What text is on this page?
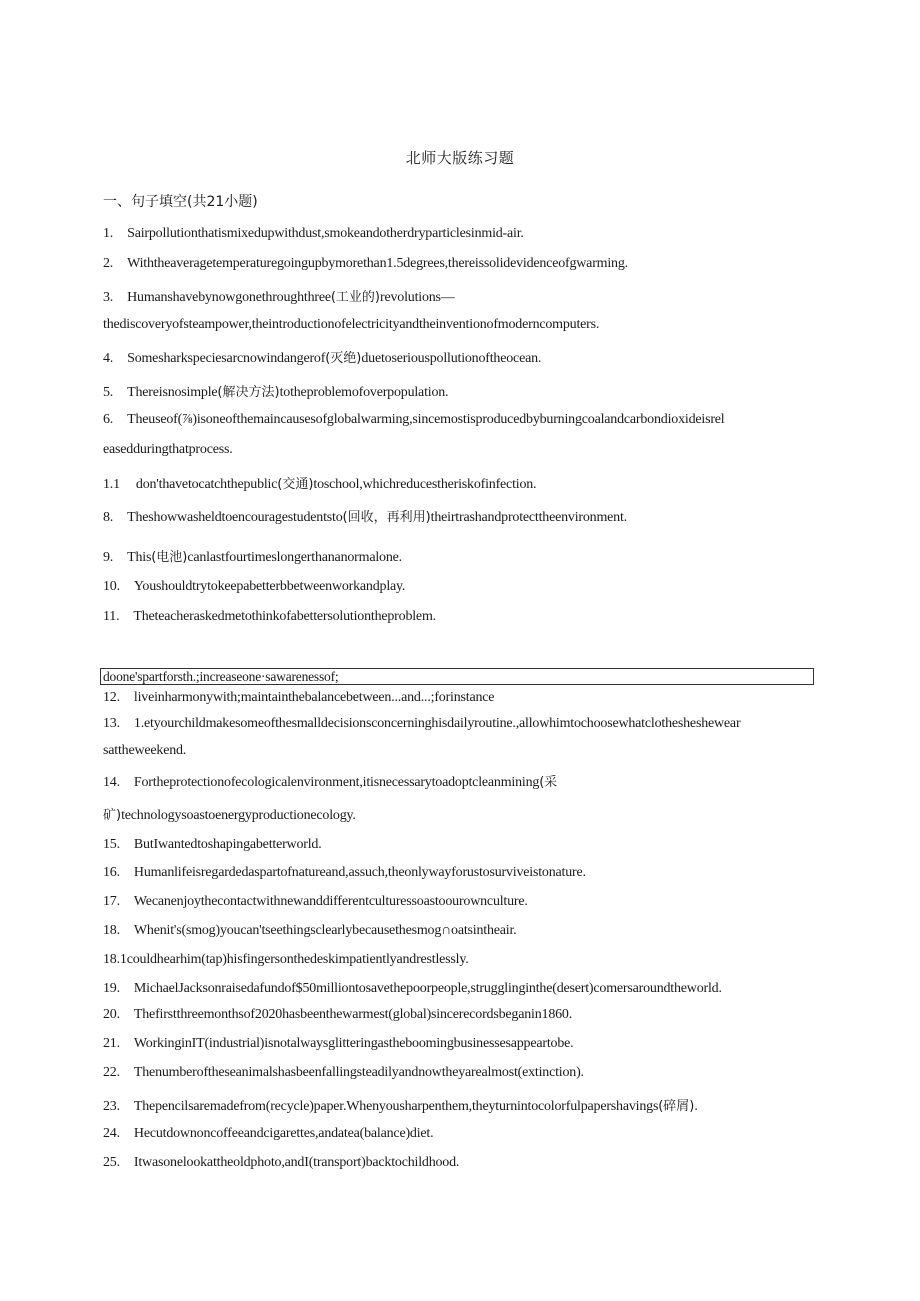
北师大版练习题
一、句子填空(共21小题)
1. Sairpollutionthatismixedupwithdust,smokeandotherdryparticlesinmid-air.
2. Withtheaveragetemperaturegoingupbymorethan1.5degrees,thereissolidevidenceofgwarming.
3. Humanshavebynowgonethroughthree(工业的)revolutions—
thediscoveryofsteampower,theintroductionofelectricityandtheinventionofmoderncomputers.
4. Somesharkspeciesarcnowindangerof(灭绝)duetoseriouspollutionoftheocean.
5. Thereisnosimple(解决方法)totheproblemofoverpopulation.
6. Theuseof(⅞)isoneofthemaincausesofglobalwarming,sincemostisproducedbyburningcoalandcarbondioxideisrel
easedduringthatprocess.
1.1 don'thavetocatchthepublic(交通)toschool,whichreducestheriskofinfection.
8. Theshowwasheldtoencouragestudentsto(回收，再利用)theirtrashandprotecttheenvironment.
9. This(电池)canlastfourtimeslongerthananormalone.
10. Youshouldtrytokeepabetterbbetweenworkandplay.
11. Theteacheraskedmetothinkofabettersolutiontheproblem.
doone'spartforsth.;increaseone·sawarenessof;
12. liveinharmonywith;maintainthebalancebetween...and...;forinstance
13. 1.etyourchildmakesomeofthesmalldecisionsconcerninghisdailyroutine.,allowhimtochoosewhatclothesheshewear
sattheweekend.
14. Fortheprotectionofecologicalenvironment,itisnecessarytoadoptcleanmining(采
矿)technologysoastoenergyproductionecology.
15. ButIwantedtoshapingabetterworld.
16. Humanlifeisregardedaspartofnatureand,assuch,theonlywayforustosurviveistonature.
17. Wecanenjoythecontactwithnewanddifferentculturessoastoourownculture.
18. Whenit's(smog)youcan'tseethingsclearlybecausethesmog∩oatsintheair.
18.1couldhearhim(tap)hisfingersonthedeskimpatientlyandrestlessly.
19. MichaelJacksonraisedafundof$50milliontosavethepoorpeople,strugglinginthe(desert)comersaroundtheworld.
20. Thefirstthreemonthsof2020hasbeenthewarmest(global)sincerecordsbeganin1860.
21. WorkinginIT(industrial)isnotalwaysglitteringastheboomingbusinessesappeartobe.
22. Thenumberoftheseanimalshasbeenfallingsteadilyandnowtheyarealmost(extinction).
23. Thepencilsaremadefrom(recycle)paper.Whenyousharpenthem,theyturnintocolorfulpapershavings(碎屑).
24. Hecutdownoncoffeeandcigarettes,andatea(balance)diet.
25. Itwasonelookattheoldphoto,andI(transport)backtochildhood.
